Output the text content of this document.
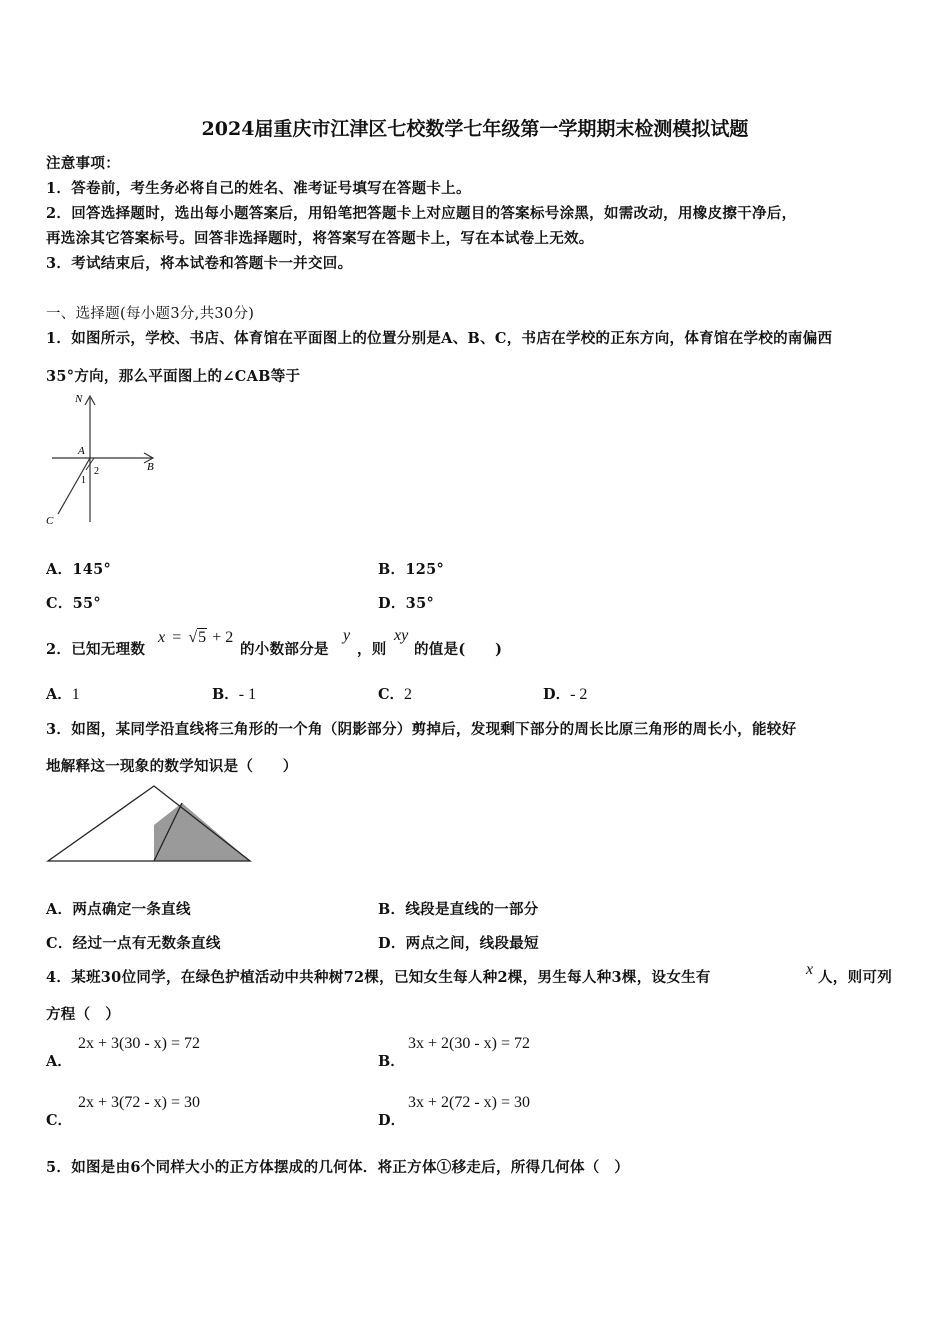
2024届重庆市江津区七校数学七年级第一学期期末检测模拟试题
注意事项：
1．答卷前，考生务必将自己的姓名、准考证号填写在答题卡上。
2．回答选择题时，选出每小题答案后，用铅笔把答题卡上对应题目的答案标号涂黑，如需改动，用橡皮擦干净后，
再选涂其它答案标号。回答非选择题时，将答案写在答题卡上，写在本试卷上无效。
3．考试结束后，将本试卷和答题卡一并交回。
一、选择题(每小题3分,共30分)
1．如图所示，学校、书店、体育馆在平面图上的位置分别是A、B、C，书店在学校的正东方向，体育馆在学校的南偏西
35°方向，那么平面图上的∠CAB等于
N
A
B
C
1
2
A．145°	B．125°
C．55°	D．35°
2．已知无理数
x = √5 + 2
的小数部分是
y
，则
xy
的值是(　　)
A．1	B．- 1	C．2	D．- 2
3．如图，某同学沿直线将三角形的一个角（阴影部分）剪掉后，发现剩下部分的周长比原三角形的周长小，能较好
地解释这一现象的数学知识是（　　）
A．两点确定一条直线	B．线段是直线的一部分
C．经过一点有无数条直线	D．两点之间，线段最短
4．某班30位同学，在绿色护植活动中共种树72棵，已知女生每人种2棵，男生每人种3棵，设女生有	x 人，则可列
方程（　）
A．
2x + 3(30 - x) = 72
B．
3x + 2(30 - x) = 72
C．
2x + 3(72 - x) = 30
D．
3x + 2(72 - x) = 30
5．如图是由6个同样大小的正方体摆成的几何体．将正方体①移走后，所得几何体（　）
